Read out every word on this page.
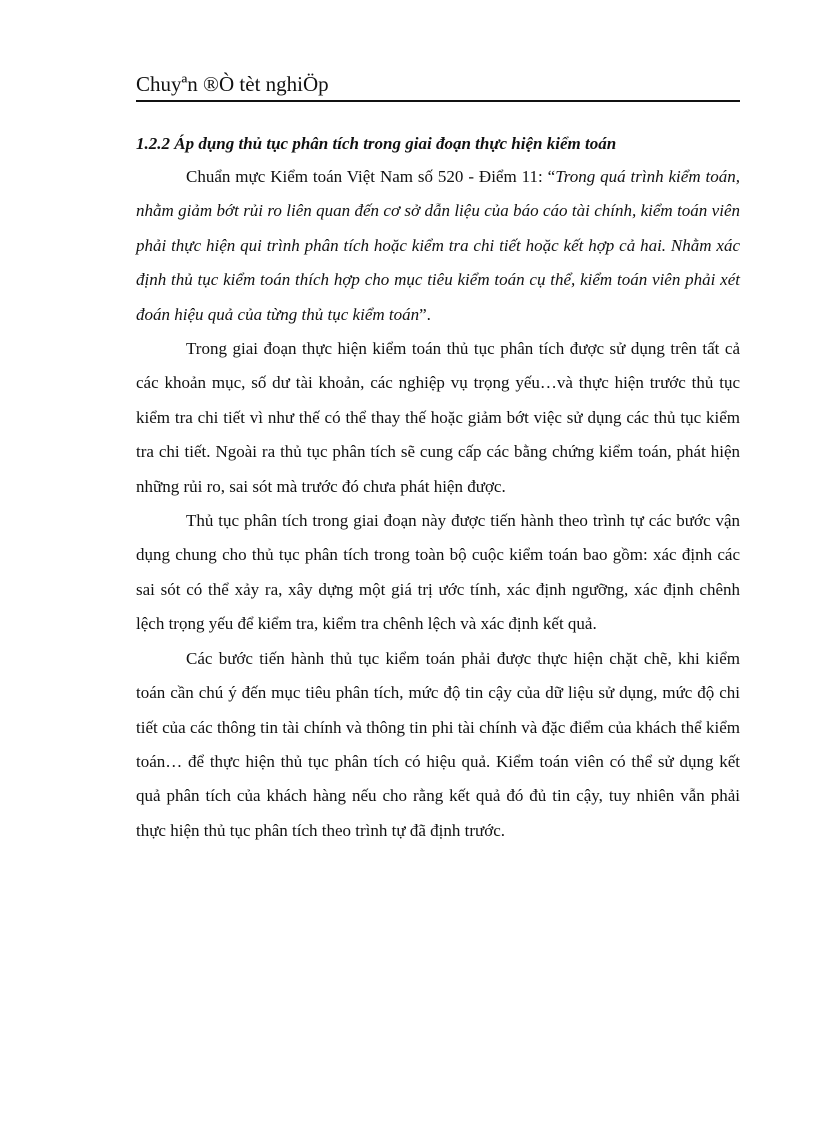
Chuyªn ®Ò tèt nghiÖp

1.2.2 Áp dụng thủ tục phân tích trong giai đoạn thực hiện kiểm toán

Chuẩn mực Kiểm toán Việt Nam số 520 - Điểm 11: “Trong quá trình kiểm toán, nhằm giảm bớt rủi ro liên quan đến cơ sở dẫn liệu của báo cáo tài chính, kiểm toán viên phải thực hiện qui trình phân tích hoặc kiểm tra chi tiết hoặc kết hợp cả hai. Nhằm xác định thủ tục kiểm toán thích hợp cho mục tiêu kiểm toán cụ thể, kiểm toán viên phải xét đoán hiệu quả của từng thủ tục kiểm toán”.

Trong giai đoạn thực hiện kiểm toán thủ tục phân tích được sử dụng trên tất cả các khoản mục, số dư tài khoản, các nghiệp vụ trọng yếu…và thực hiện trước thủ tục kiểm tra chi tiết vì như thế có thể thay thế hoặc giảm bớt việc sử dụng các thủ tục kiểm tra chi tiết. Ngoài ra thủ tục phân tích sẽ cung cấp các bằng chứng kiểm toán, phát hiện những rủi ro, sai sót mà trước đó chưa phát hiện được.

Thủ tục phân tích trong giai đoạn này được tiến hành theo trình tự các bước vận dụng chung cho thủ tục phân tích trong toàn bộ cuộc kiểm toán bao gồm: xác định các sai sót có thể xảy ra, xây dựng một giá trị ước tính, xác định ngưỡng, xác định chênh lệch trọng yếu để kiểm tra, kiểm tra chênh lệch và xác định kết quả.

Các bước tiến hành thủ tục kiểm toán phải được thực hiện chặt chẽ, khi kiểm toán cần chú ý đến mục tiêu phân tích, mức độ tin cậy của dữ liệu sử dụng, mức độ chi tiết của các thông tin tài chính và thông tin phi tài chính và đặc điểm của khách thể kiểm toán… để thực hiện thủ tục phân tích có hiệu quả. Kiểm toán viên có thể sử dụng kết quả phân tích của khách hàng nếu cho rằng kết quả đó đủ tin cậy, tuy nhiên vẫn phải thực hiện thủ tục phân tích theo trình tự đã định trước.
